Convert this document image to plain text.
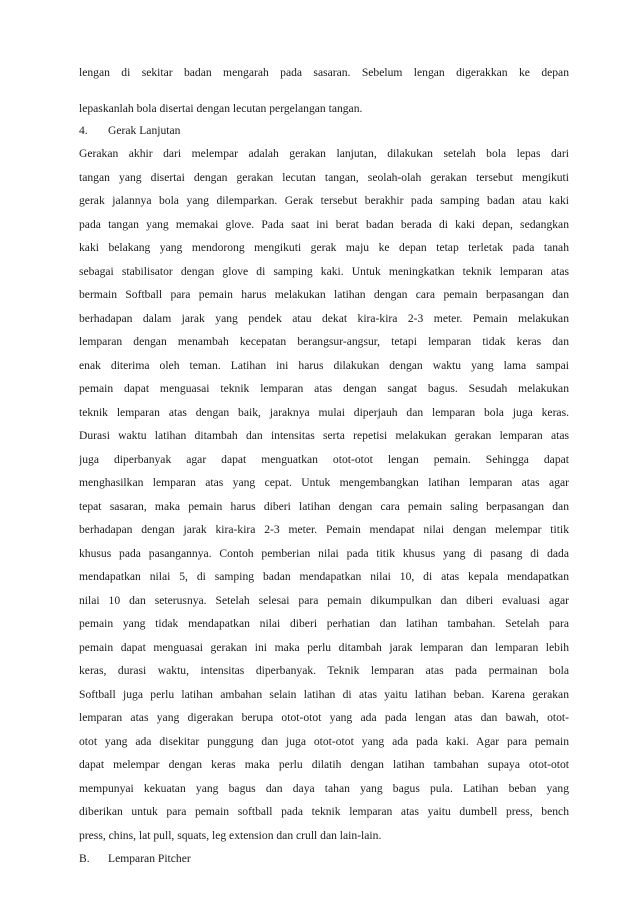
lengan di sekitar badan mengarah pada sasaran. Sebelum lengan digerakkan ke depan
lepaskanlah bola disertai dengan lecutan pergelangan tangan.
4. Gerak Lanjutan
Gerakan akhir dari melempar adalah gerakan lanjutan, dilakukan setelah bola lepas dari
tangan yang disertai dengan gerakan lecutan tangan, seolah-olah gerakan tersebut mengikuti
gerak jalannya bola yang dilemparkan. Gerak tersebut berakhir pada samping badan atau kaki
pada tangan yang memakai glove. Pada saat ini berat badan berada di kaki depan, sedangkan
kaki belakang yang mendorong mengikuti gerak maju ke depan tetap terletak pada tanah
sebagai stabilisator dengan glove di samping kaki. Untuk meningkatkan teknik lemparan atas
bermain Softball para pemain harus melakukan latihan dengan cara pemain berpasangan dan
berhadapan dalam jarak yang pendek atau dekat kira-kira 2-3 meter. Pemain melakukan
lemparan dengan menambah kecepatan berangsur-angsur, tetapi lemparan tidak keras dan
enak diterima oleh teman. Latihan ini harus dilakukan dengan waktu yang lama sampai
pemain dapat menguasai teknik lemparan atas dengan sangat bagus. Sesudah melakukan
teknik lemparan atas dengan baik, jaraknya mulai diperjauh dan lemparan bola juga keras.
Durasi waktu latihan ditambah dan intensitas serta repetisi melakukan gerakan lemparan atas
juga diperbanyak agar dapat menguatkan otot-otot lengan pemain. Sehingga dapat
menghasilkan lemparan atas yang cepat. Untuk mengembangkan latihan lemparan atas agar
tepat sasaran, maka pemain harus diberi latihan dengan cara pemain saling berpasangan dan
berhadapan dengan jarak kira-kira 2-3 meter. Pemain mendapat nilai dengan melempar titik
khusus pada pasangannya. Contoh pemberian nilai pada titik khusus yang di pasang di dada
mendapatkan nilai 5, di samping badan mendapatkan nilai 10, di atas kepala mendapatkan
nilai 10 dan seterusnya. Setelah selesai para pemain dikumpulkan dan diberi evaluasi agar
pemain yang tidak mendapatkan nilai diberi perhatian dan latihan tambahan. Setelah para
pemain dapat menguasai gerakan ini maka perlu ditambah jarak lemparan dan lemparan lebih
keras, durasi waktu, intensitas diperbanyak. Teknik lemparan atas pada permainan bola
Softball juga perlu latihan ambahan selain latihan di atas yaitu latihan beban. Karena gerakan
lemparan atas yang digerakan berupa otot-otot yang ada pada lengan atas dan bawah, otot-
otot yang ada disekitar punggung dan juga otot-otot yang ada pada kaki. Agar para pemain
dapat melempar dengan keras maka perlu dilatih dengan latihan tambahan supaya otot-otot
mempunyai kekuatan yang bagus dan daya tahan yang bagus pula. Latihan beban yang
diberikan untuk para pemain softball pada teknik lemparan atas yaitu dumbell press, bench
press, chins, lat pull, squats, leg extension dan crull dan lain-lain.
B. Lemparan Pitcher
